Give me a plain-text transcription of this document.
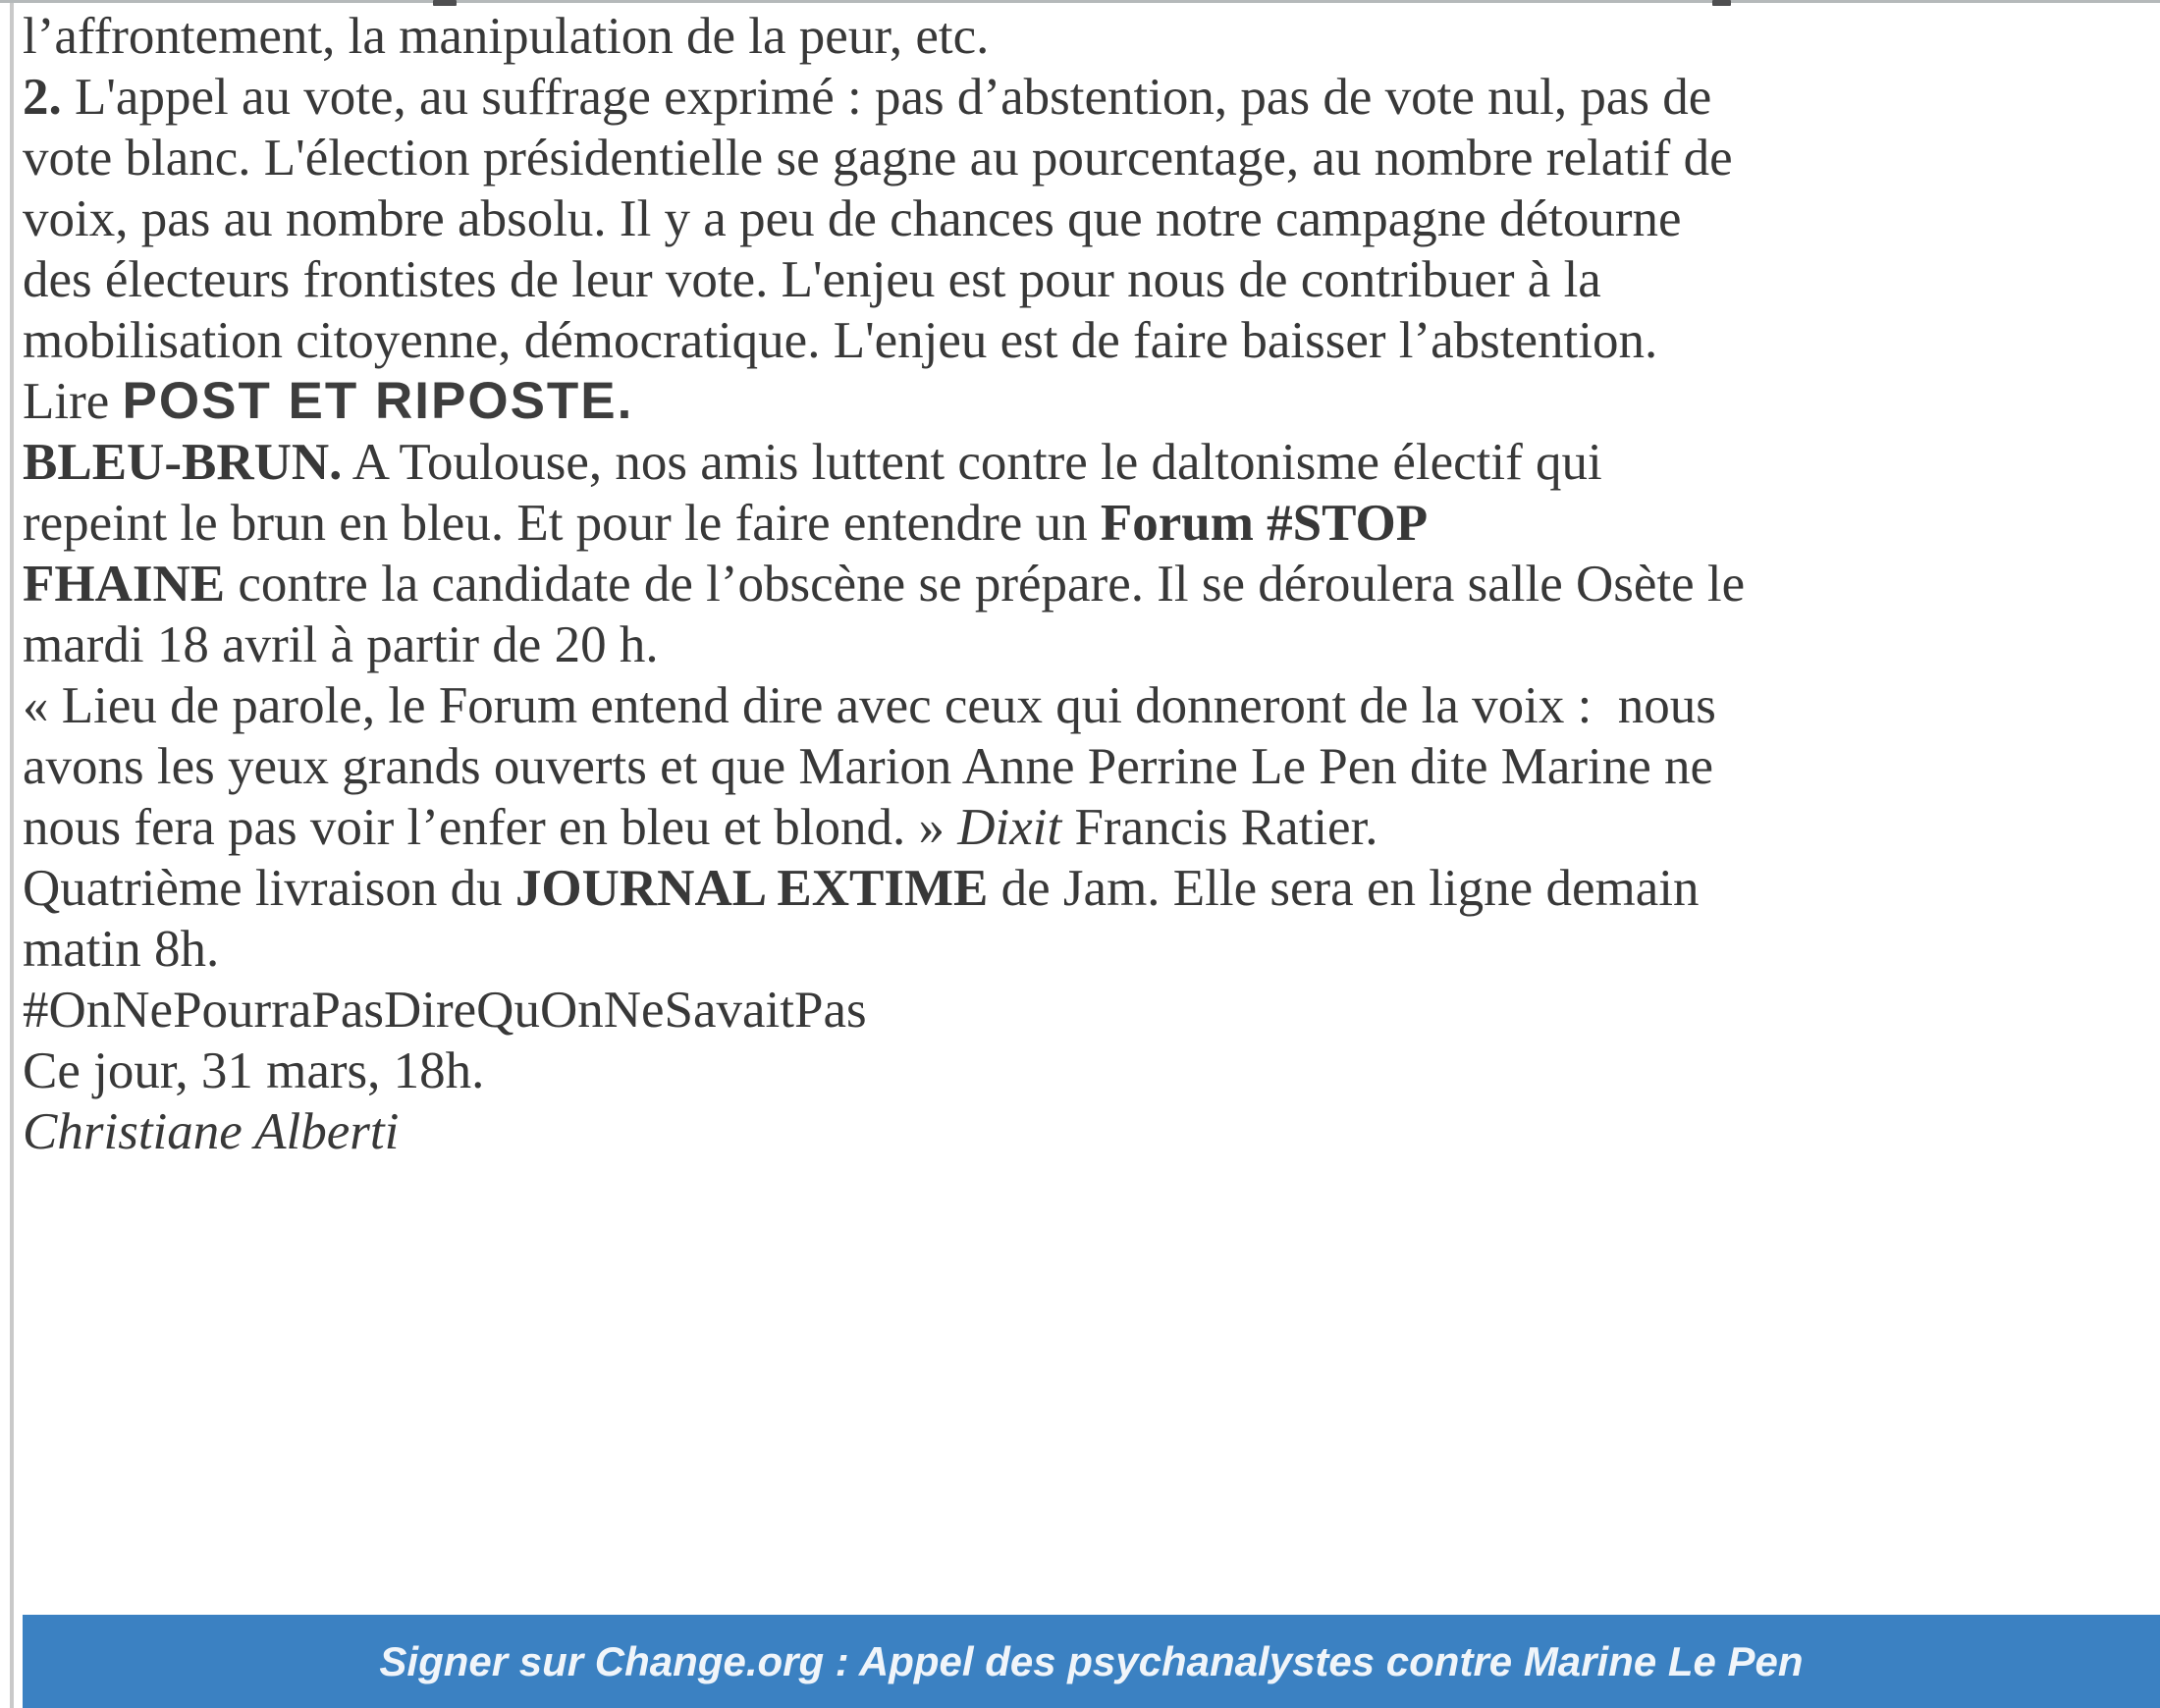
l’affrontement, la manipulation de la peur, etc.

2. L'appel au vote, au suffrage exprimé : pas d’abstention, pas de vote nul, pas de
vote blanc. L'élection présidentielle se gagne au pourcentage, au nombre relatif de
voix, pas au nombre absolu. Il y a peu de chances que notre campagne détourne
des électeurs frontistes de leur vote. L'enjeu est pour nous de contribuer à la
mobilisation citoyenne, démocratique. L'enjeu est de faire baisser l’abstention.
Lire POST ET RIPOSTE.

BLEU-BRUN. A Toulouse, nos amis luttent contre le daltonisme électif qui
repeint le brun en bleu. Et pour le faire entendre un Forum #STOP
FHAINE contre la candidate de l’obscène se prépare. Il se déroulera salle Osète le
mardi 18 avril à partir de 20 h.
« Lieu de parole, le Forum entend dire avec ceux qui donneront de la voix :  nous
avons les yeux grands ouverts et que Marion Anne Perrine Le Pen dite Marine ne
nous fera pas voir l’enfer en bleu et blond. » Dixit Francis Ratier.

Quatrième livraison du JOURNAL EXTIME de Jam. Elle sera en ligne demain
matin 8h.

#OnNePourraPasDireQuOnNeSavaitPas

Ce jour, 31 mars, 18h.
Christiane Alberti

Signer sur Change.org : Appel des psychanalystes contre Marine Le Pen
